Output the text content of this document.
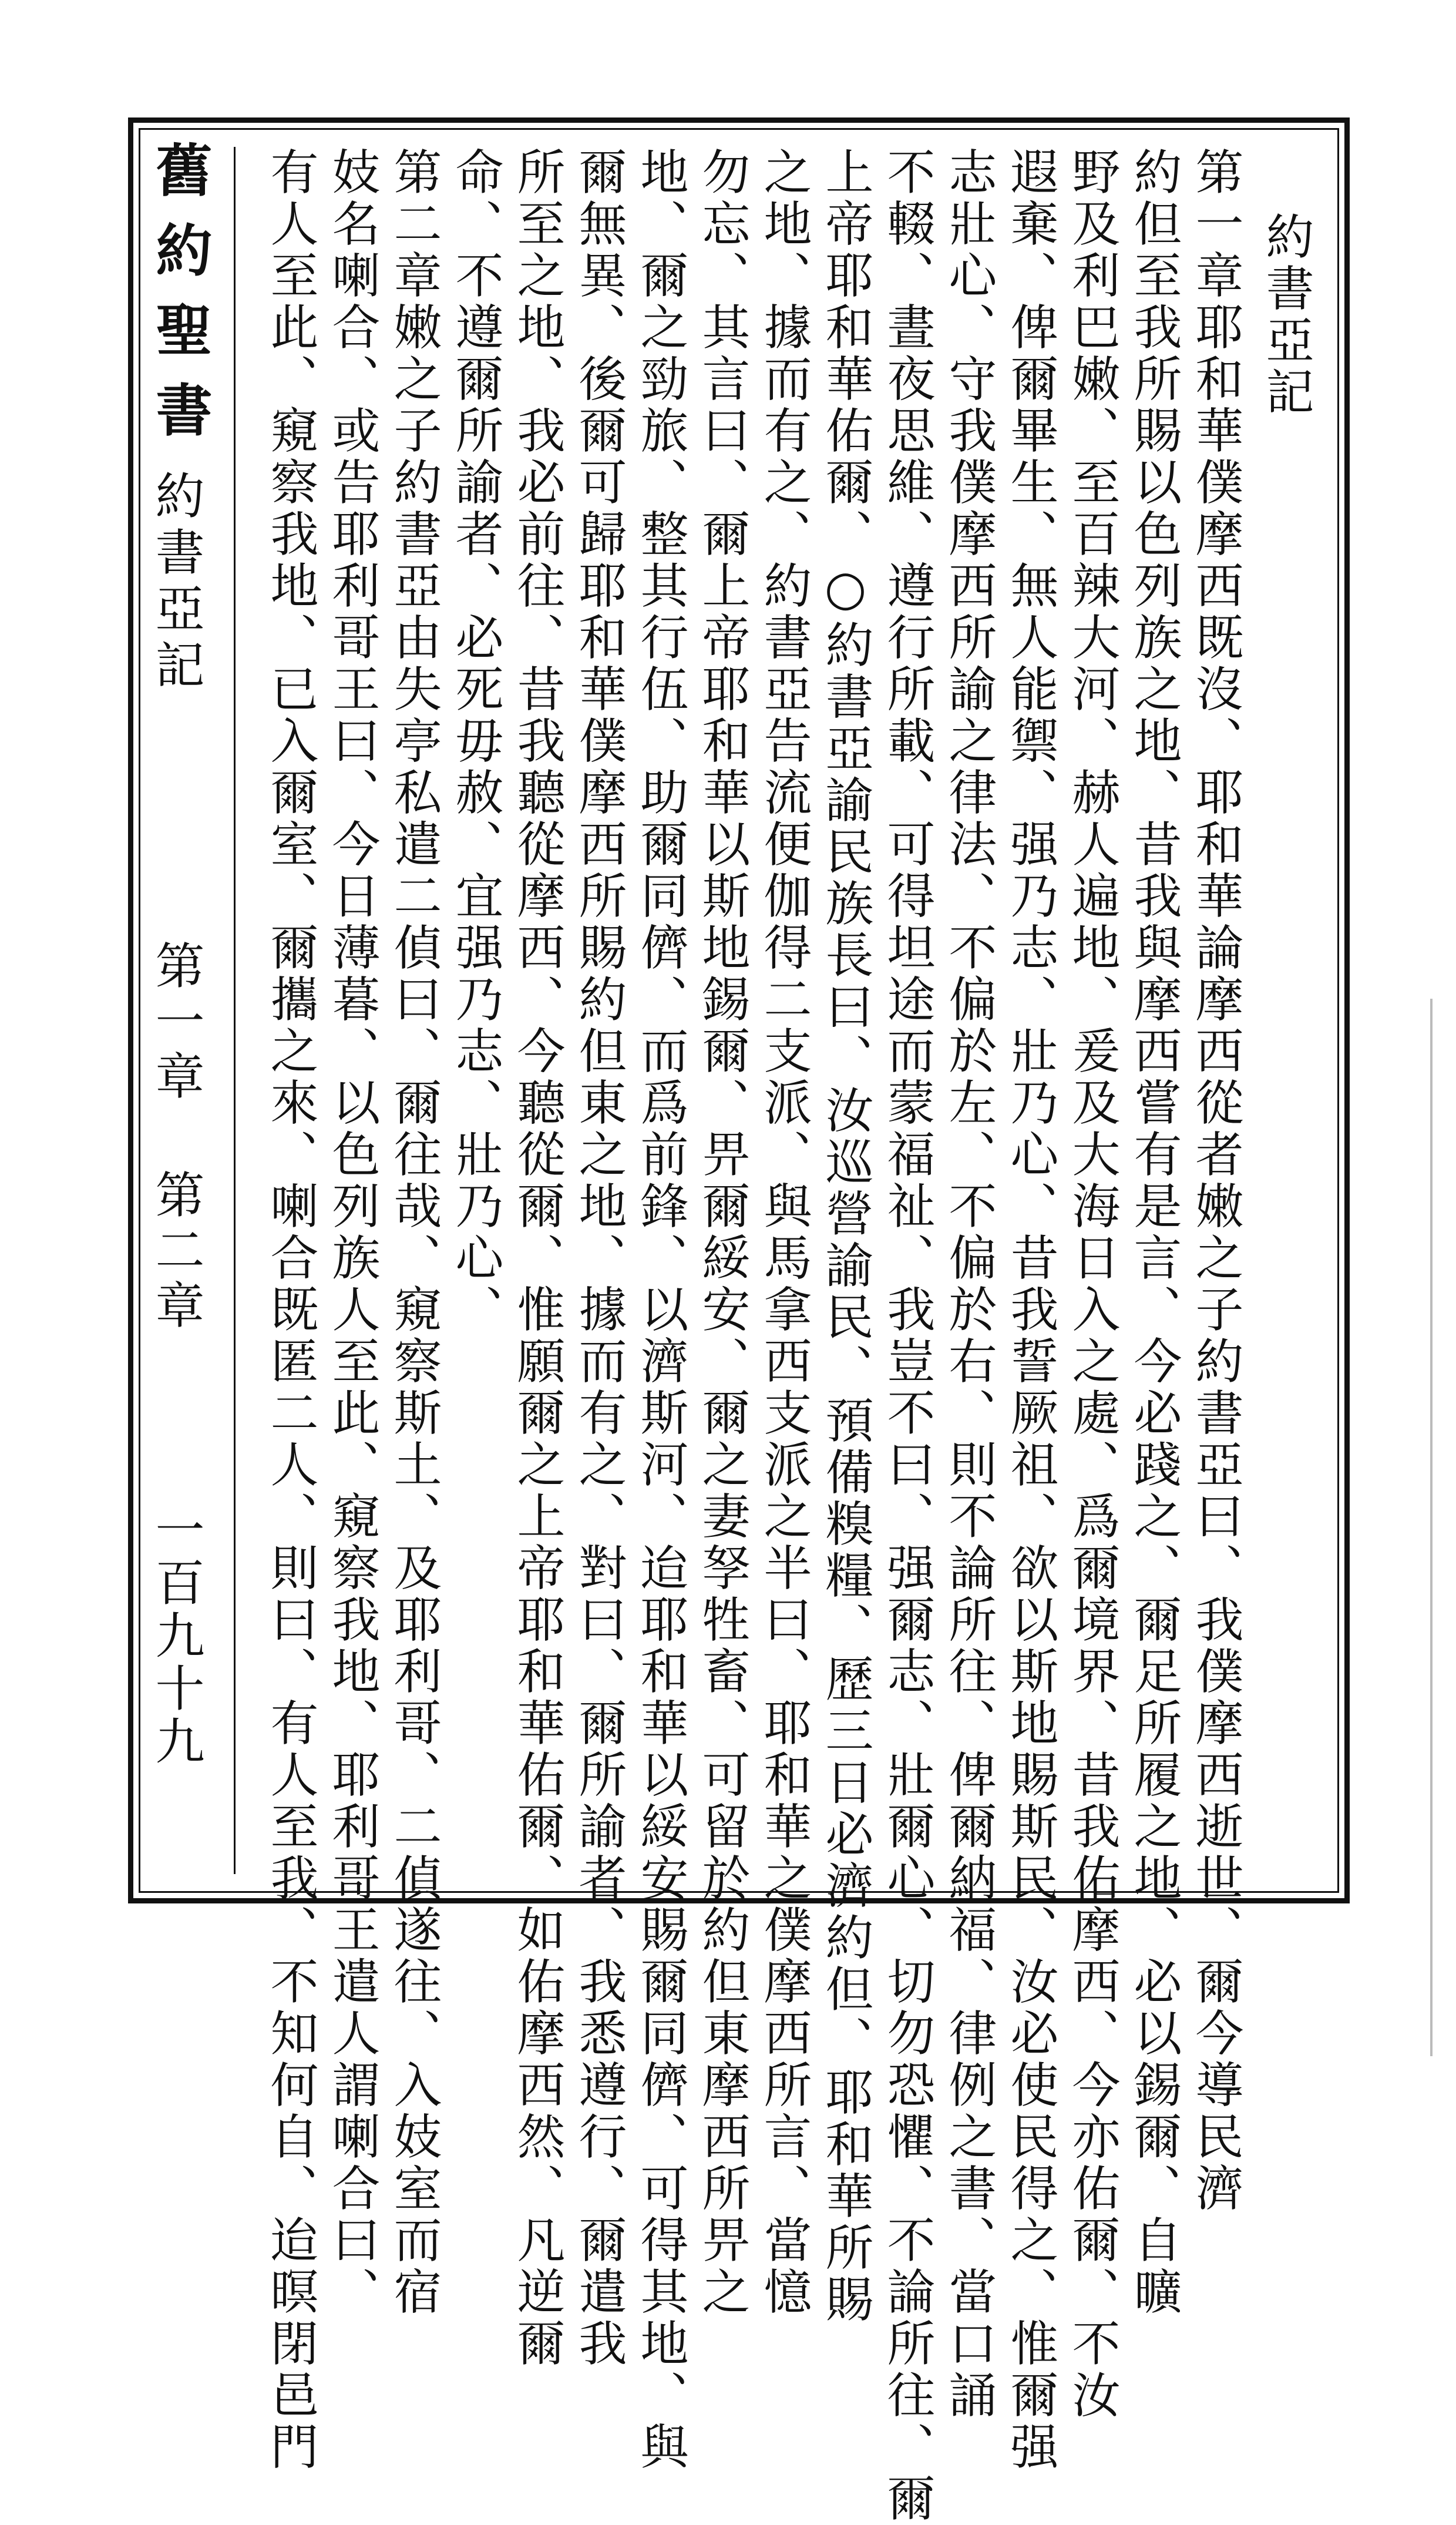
舊約聖書
約書亞記
第一章 第二章
一百九十九
約書亞記
第一章耶和華僕摩西既沒、耶和華論摩西從者嫩之子約書亞曰、我僕摩西逝世、爾今導民濟
約但至我所賜以色列族之地、昔我與摩西嘗有是言、今必踐之、爾足所履之地、必以錫爾、自曠
野及利巴嫩、至百辣大河、赫人遍地、爰及大海日入之處、爲爾境界、昔我佑摩西、今亦佑爾、不汝
遐棄、俾爾畢生、無人能禦、强乃志、壯乃心、昔我誓厥祖、欲以斯地賜斯民、汝必使民得之、惟爾强
志壯心、守我僕摩西所諭之律法、不偏於左、不偏於右、則不論所往、俾爾納福、律例之書、當口誦
不輟、晝夜思維、遵行所載、可得坦途而蒙福祉、我豈不曰、强爾志、壯爾心、切勿恐懼、不論所往、爾
上帝耶和華佑爾、○約書亞諭民族長曰、汝巡營諭民、預備糗糧、歷三日必濟約但、耶和華所賜
之地、據而有之、約書亞告流便伽得二支派、與馬拿西支派之半曰、耶和華之僕摩西所言、當憶
勿忘、其言曰、爾上帝耶和華以斯地錫爾、畀爾綏安、爾之妻孥牲畜、可留於約但東摩西所畀之
地、爾之勁旅、整其行伍、助爾同儕、而爲前鋒、以濟斯河、迨耶和華以綏安賜爾同儕、可得其地、與
爾無異、後爾可歸耶和華僕摩西所賜約但東之地、據而有之、對曰、爾所諭者、我悉遵行、爾遣我
所至之地、我必前往、昔我聽從摩西、今聽從爾、惟願爾之上帝耶和華佑爾、如佑摩西然、凡逆爾
命、不遵爾所諭者、必死毋赦、宜强乃志、壯乃心、
第二章嫩之子約書亞由失亭私遣二偵曰、爾往哉、窺察斯土、及耶利哥、二偵遂往、入妓室而宿
妓名喇合、或告耶利哥王曰、今日薄暮、以色列族人至此、窺察我地、耶利哥王遣人謂喇合曰、
有人至此、窺察我地、已入爾室、爾攜之來、喇合既匿二人、則曰、有人至我、不知何自、迨暝閉邑門
